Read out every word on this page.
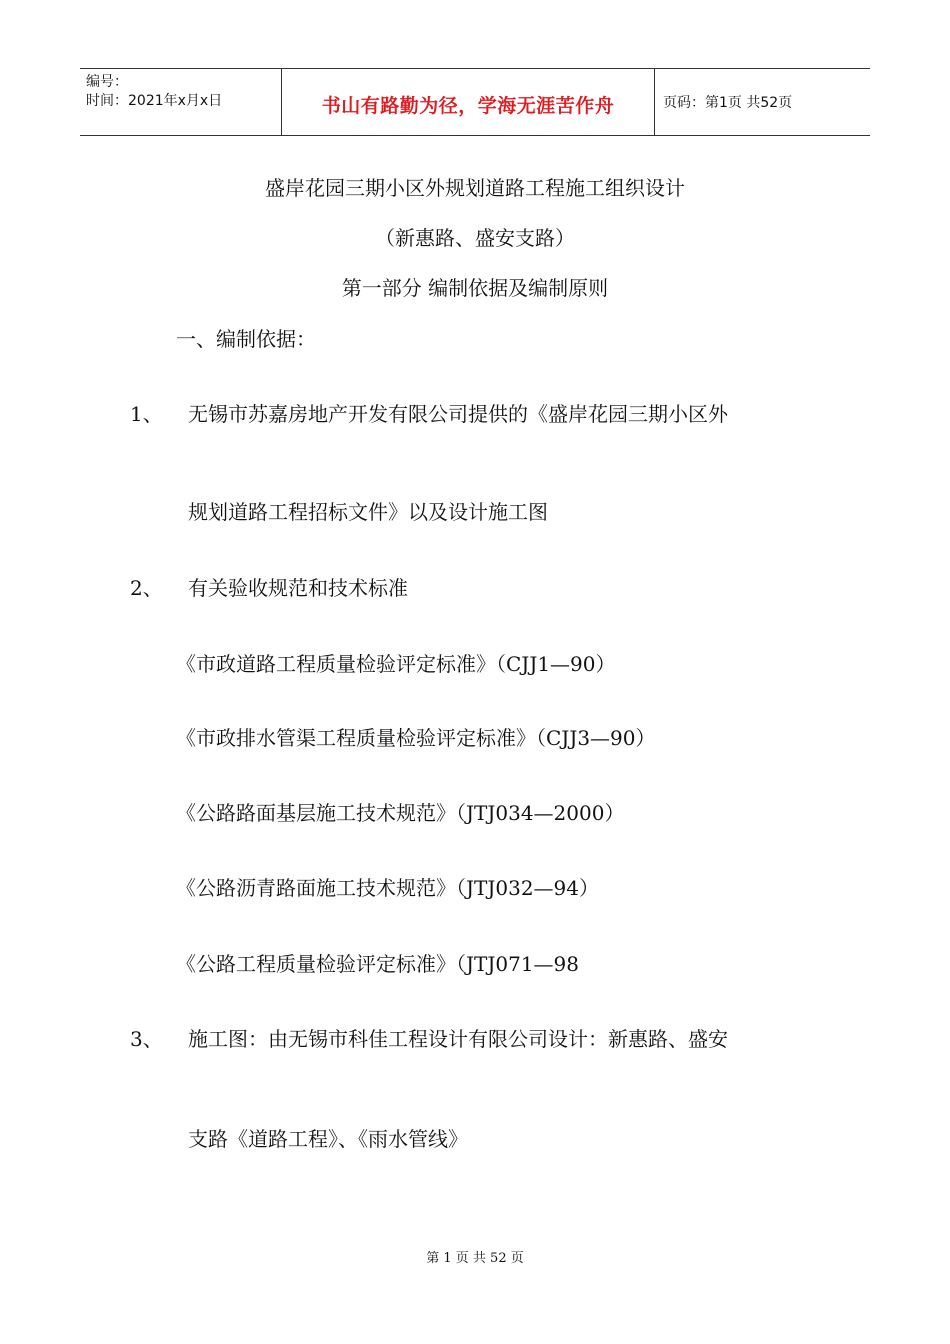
编号：
时间：2021年x月x日	书山有路勤为径，学海无涯苦作舟	页码：第1页 共52页
盛岸花园三期小区外规划道路工程施工组织设计
（新惠路、盛安支路）
第一部分 编制依据及编制原则
一、编制依据：
1、 无锡市苏嘉房地产开发有限公司提供的《盛岸花园三期小区外
规划道路工程招标文件》以及设计施工图
2、 有关验收规范和技术标准
《市政道路工程质量检验评定标准》（CJJ1—90）
《市政排水管渠工程质量检验评定标准》（CJJ3—90）
《公路路面基层施工技术规范》（JTJ034—2000）
《公路沥青路面施工技术规范》（JTJ032—94）
《公路工程质量检验评定标准》（JTJ071—98
3、 施工图：由无锡市科佳工程设计有限公司设计：新惠路、盛安
支路《道路工程》、《雨水管线》
第 1 页 共 52 页
